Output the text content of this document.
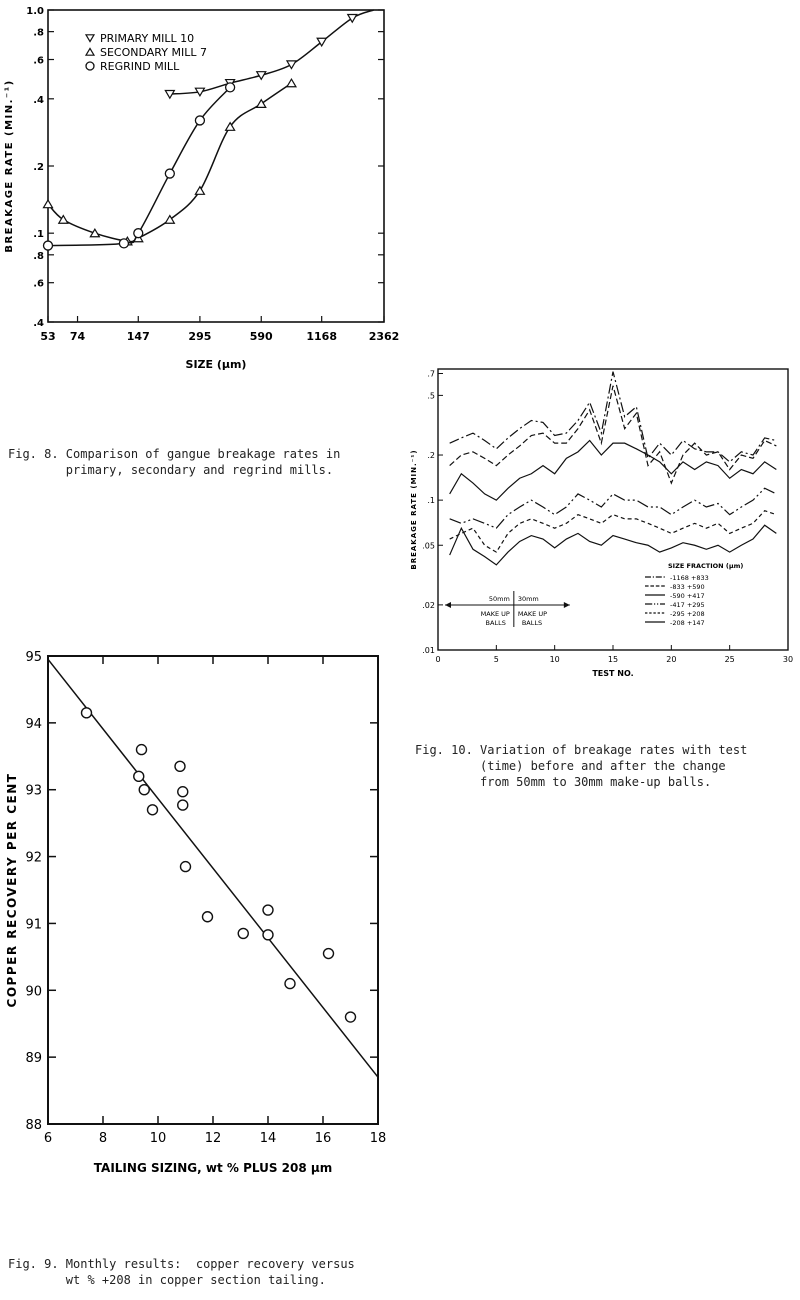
53 74	147	295	590	1168	2362
1.0
.8
.6
.4
.2
.1
.8
.6
.4
SIZE (μm)
BREAKAGE RATE (MIN.⁻¹)
PRIMARY MILL 10
SECONDARY MILL 7
REGRIND MILL
Fig. 8. Comparison of gangue breakage rates in
primary, secondary and regrind mills.
6	8	10	12	14	16	18
88
89
90
91
92
93
94
95
TAILING SIZING, wt % PLUS 208 μm
COPPER RECOVERY PER CENT
Fig. 9. Monthly results:  copper recovery versus
wt % +208 in copper section tailing.
0	5	10	15	20	25	30
.7
.5
.2
.1
.05
.02
.01
TEST NO.
BREAKAGE RATE (MIN.⁻¹)	SIZE FRACTION (μm)
-1168 +833
-833 +590
-590 +417
-417 +295
-295 +208
-208 +147
50mm 30mm
MAKE UP MAKE UP
BALLS BALLS
Fig. 10. Variation of breakage rates with test
(time) before and after the change
from 50mm to 30mm make-up balls.
